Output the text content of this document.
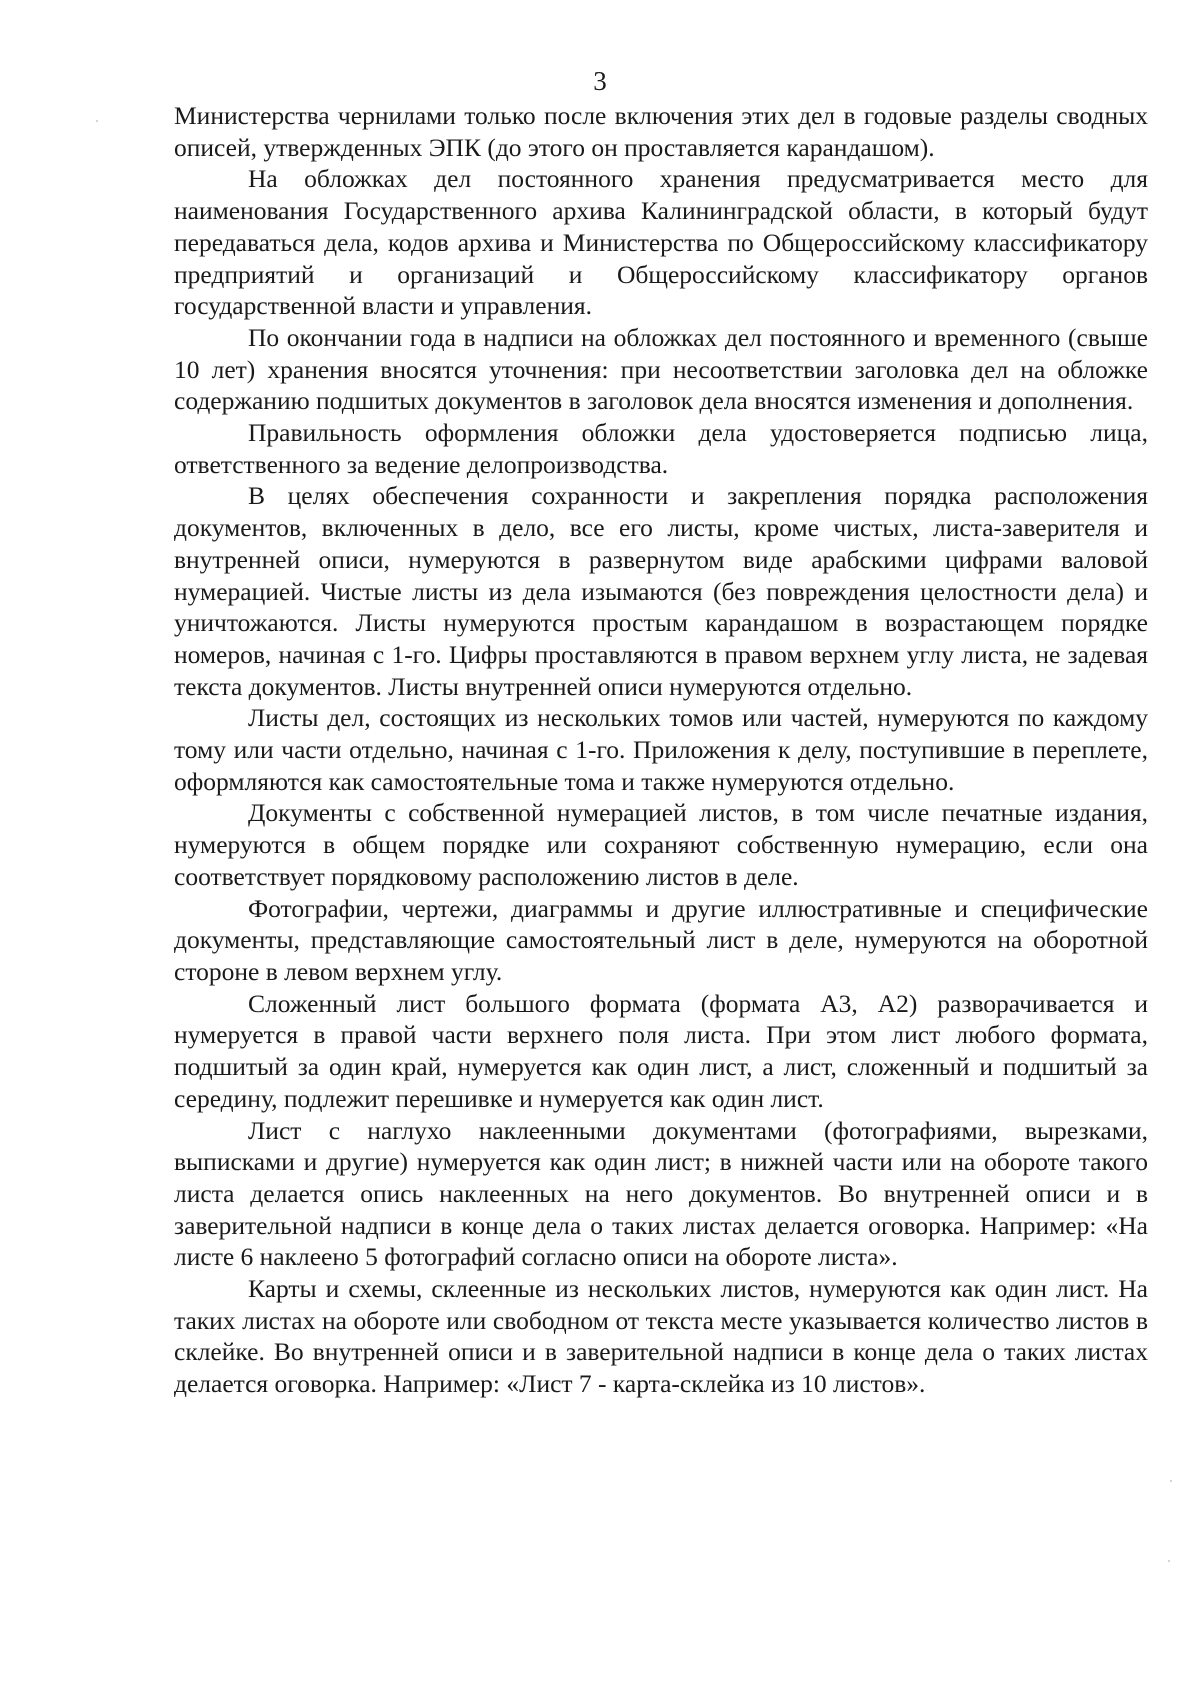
3

Министерства чернилами только после включения этих дел в годовые разделы сводных описей, утвержденных ЭПК (до этого он проставляется карандашом).

На обложках дел постоянного хранения предусматривается место для наименования Государственного архива Калининградской области, в который будут передаваться дела, кодов архива и Министерства по Общероссийскому классификатору предприятий и организаций и Общероссийскому классификатору органов государственной власти и управления.

По окончании года в надписи на обложках дел постоянного и временного (свыше 10 лет) хранения вносятся уточнения: при несоответствии заголовка дел на обложке содержанию подшитых документов в заголовок дела вносятся изменения и дополнения.

Правильность оформления обложки дела удостоверяется подписью лица, ответственного за ведение делопроизводства.

В целях обеспечения сохранности и закрепления порядка расположения документов, включенных в дело, все его листы, кроме чистых, листа-заверителя и внутренней описи, нумеруются в развернутом виде арабскими цифрами валовой нумерацией. Чистые листы из дела изымаются (без повреждения целостности дела) и уничтожаются. Листы нумеруются простым карандашом в возрастающем порядке номеров, начиная с 1-го. Цифры проставляются в правом верхнем углу листа, не задевая текста документов. Листы внутренней описи нумеруются отдельно.

Листы дел, состоящих из нескольких томов или частей, нумеруются по каждому тому или части отдельно, начиная с 1-го. Приложения к делу, поступившие в переплете, оформляются как самостоятельные тома и также нумеруются отдельно.

Документы с собственной нумерацией листов, в том числе печатные издания, нумеруются в общем порядке или сохраняют собственную нумерацию, если она соответствует порядковому расположению листов в деле.

Фотографии, чертежи, диаграммы и другие иллюстративные и специфические документы, представляющие самостоятельный лист в деле, нумеруются на оборотной стороне в левом верхнем углу.

Сложенный лист большого формата (формата А3, А2) разворачивается и нумеруется в правой части верхнего поля листа. При этом лист любого формата, подшитый за один край, нумеруется как один лист, а лист, сложенный и подшитый за середину, подлежит перешивке и нумеруется как один лист.

Лист с наглухо наклеенными документами (фотографиями, вырезками, выписками и другие) нумеруется как один лист; в нижней части или на обороте такого листа делается опись наклеенных на него документов. Во внутренней описи и в заверительной надписи в конце дела о таких листах делается оговорка. Например: «На листе 6 наклеено 5 фотографий согласно описи на обороте листа».

Карты и схемы, склеенные из нескольких листов, нумеруются как один лист. На таких листах на обороте или свободном от текста месте указывается количество листов в склейке. Во внутренней описи и в заверительной надписи в конце дела о таких листах делается оговорка. Например: «Лист 7 - карта-склейка из 10 листов».
